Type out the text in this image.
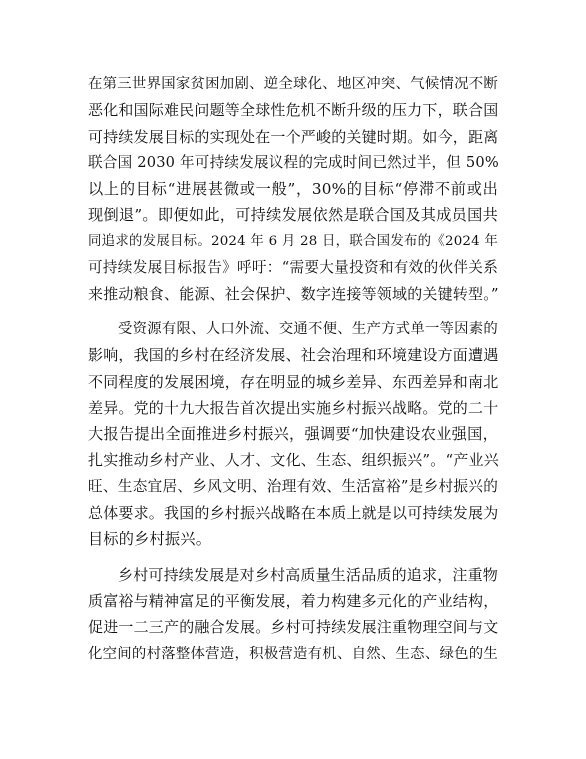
在第三世界国家贫困加剧、逆全球化、地区冲突、气候情况不断
恶化和国际难民问题等全球性危机不断升级的压力下，联合国
可持续发展目标的实现处在一个严峻的关键时期。如今，距离
联合国 2030 年可持续发展议程的完成时间已然过半，但 50%
以上的目标“进展甚微或一般”，30%的目标“停滞不前或出
现倒退”。即便如此，可持续发展依然是联合国及其成员国共
同追求的发展目标。2024 年 6 月 28 日，联合国发布的《2024 年
可持续发展目标报告》呼吁：“需要大量投资和有效的伙伴关系
来推动粮食、能源、社会保护、数字连接等领域的关键转型。”
受资源有限、人口外流、交通不便、生产方式单一等因素的
影响，我国的乡村在经济发展、社会治理和环境建设方面遭遇
不同程度的发展困境，存在明显的城乡差异、东西差异和南北
差异。党的十九大报告首次提出实施乡村振兴战略。党的二十
大报告提出全面推进乡村振兴，强调要“加快建设农业强国，
扎实推动乡村产业、人才、文化、生态、组织振兴”。“产业兴
旺、生态宜居、乡风文明、治理有效、生活富裕”是乡村振兴的
总体要求。我国的乡村振兴战略在本质上就是以可持续发展为
目标的乡村振兴。
乡村可持续发展是对乡村高质量生活品质的追求，注重物
质富裕与精神富足的平衡发展，着力构建多元化的产业结构，
促进一二三产的融合发展。乡村可持续发展注重物理空间与文
化空间的村落整体营造，积极营造有机、自然、生态、绿色的生
